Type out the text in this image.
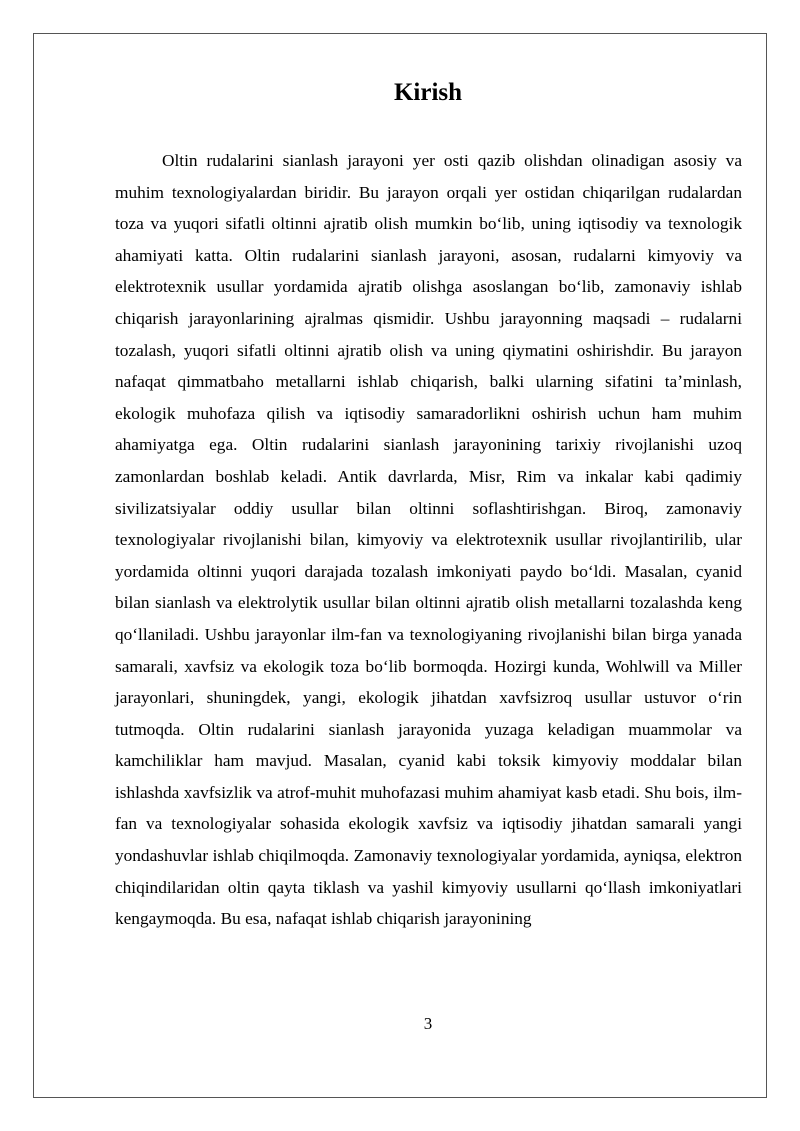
Kirish

Oltin rudalarini sianlash jarayoni yer osti qazib olishdan olinadigan asosiy va muhim texnologiyalardan biridir. Bu jarayon orqali yer ostidan chiqarilgan rudalardan toza va yuqori sifatli oltinni ajratib olish mumkin boʻlib, uning iqtisodiy va texnologik ahamiyati katta. Oltin rudalarini sianlash jarayoni, asosan, rudalarni kimyoviy va elektrotexnik usullar yordamida ajratib olishga asoslangan boʻlib, zamonaviy ishlab chiqarish jarayonlarining ajralmas qismidir. Ushbu jarayonning maqsadi – rudalarni tozalash, yuqori sifatli oltinni ajratib olish va uning qiymatini oshirishdir. Bu jarayon nafaqat qimmatbaho metallarni ishlab chiqarish, balki ularning sifatini taʼminlash, ekologik muhofaza qilish va iqtisodiy samaradorlikni oshirish uchun ham muhim ahamiyatga ega. Oltin rudalarini sianlash jarayonining tarixiy rivojlanishi uzoq zamonlardan boshlab keladi. Antik davrlarda, Misr, Rim va inkalar kabi qadimiy sivilizatsiyalar oddiy usullar bilan oltinni soflashtirishgan. Biroq, zamonaviy texnologiyalar rivojlanishi bilan, kimyoviy va elektrotexnik usullar rivojlantirilib, ular yordamida oltinni yuqori darajada tozalash imkoniyati paydo boʻldi. Masalan, cyanid bilan sianlash va elektrolytik usullar bilan oltinni ajratib olish metallarni tozalashda keng qoʻllaniladi. Ushbu jarayonlar ilm-fan va texnologiyaning rivojlanishi bilan birga yanada samarali, xavfsiz va ekologik toza boʻlib bormoqda. Hozirgi kunda, Wohlwill va Miller jarayonlari, shuningdek, yangi, ekologik jihatdan xavfsizroq usullar ustuvor oʻrin tutmoqda. Oltin rudalarini sianlash jarayonida yuzaga keladigan muammolar va kamchiliklar ham mavjud. Masalan, cyanid kabi toksik kimyoviy moddalar bilan ishlashda xavfsizlik va atrof-muhit muhofazasi muhim ahamiyat kasb etadi. Shu bois, ilm-fan va texnologiyalar sohasida ekologik xavfsiz va iqtisodiy jihatdan samarali yangi yondashuvlar ishlab chiqilmoqda. Zamonaviy texnologiyalar yordamida, ayniqsa, elektron chiqindilaridan oltin qayta tiklash va yashil kimyoviy usullarni qoʻllash imkoniyatlari kengaymoqda. Bu esa, nafaqat ishlab chiqarish jarayonining

3
